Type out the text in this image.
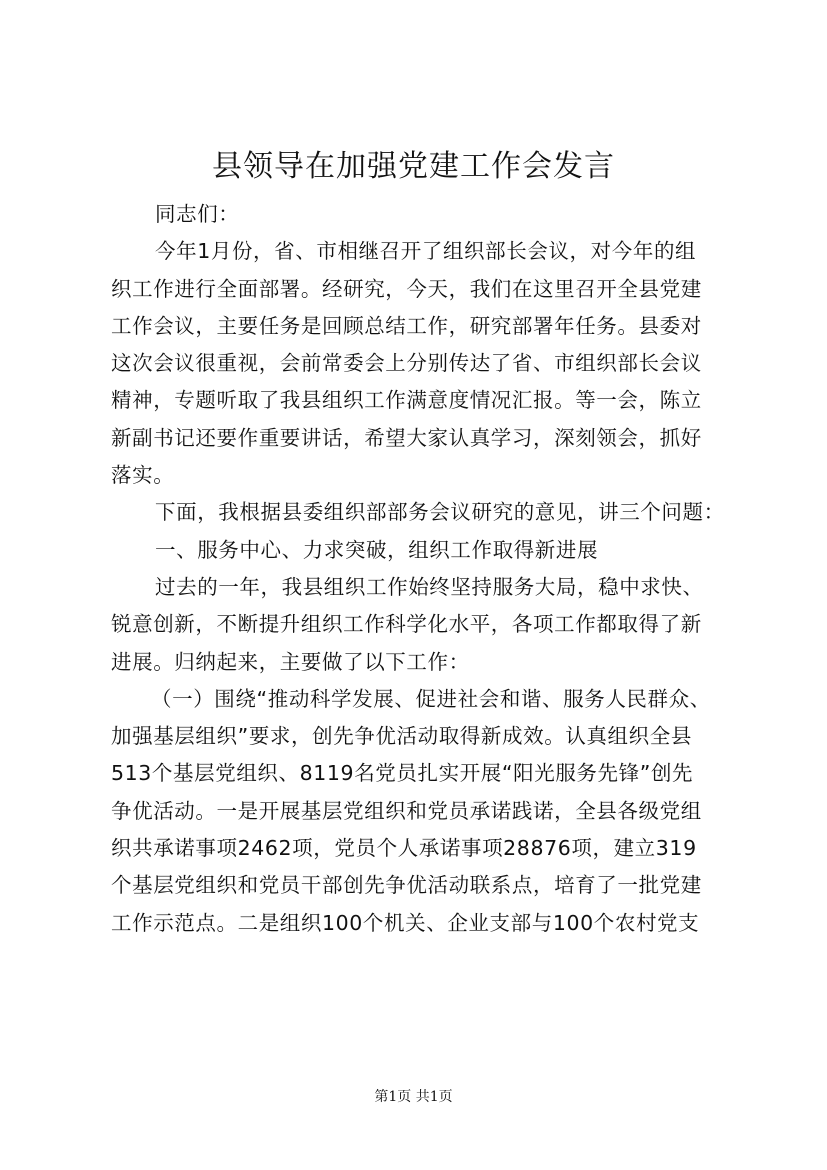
县领导在加强党建工作会发言
同志们：
今年1月份，省、市相继召开了组织部长会议，对今年的组
织工作进行全面部署。经研究，今天，我们在这里召开全县党建
工作会议，主要任务是回顾总结工作，研究部署年任务。县委对
这次会议很重视，会前常委会上分别传达了省、市组织部长会议
精神，专题听取了我县组织工作满意度情况汇报。等一会，陈立
新副书记还要作重要讲话，希望大家认真学习，深刻领会，抓好
落实。
下面，我根据县委组织部部务会议研究的意见，讲三个问题：
一、服务中心、力求突破，组织工作取得新进展
过去的一年，我县组织工作始终坚持服务大局，稳中求快、
锐意创新，不断提升组织工作科学化水平，各项工作都取得了新
进展。归纳起来，主要做了以下工作：
（一）围绕“推动科学发展、促进社会和谐、服务人民群众、
加强基层组织”要求，创先争优活动取得新成效。认真组织全县
513个基层党组织、8119名党员扎实开展“阳光服务先锋”创先
争优活动。一是开展基层党组织和党员承诺践诺，全县各级党组
织共承诺事项2462项，党员个人承诺事项28876项，建立319
个基层党组织和党员干部创先争优活动联系点，培育了一批党建
工作示范点。二是组织100个机关、企业支部与100个农村党支
第1页 共1页
